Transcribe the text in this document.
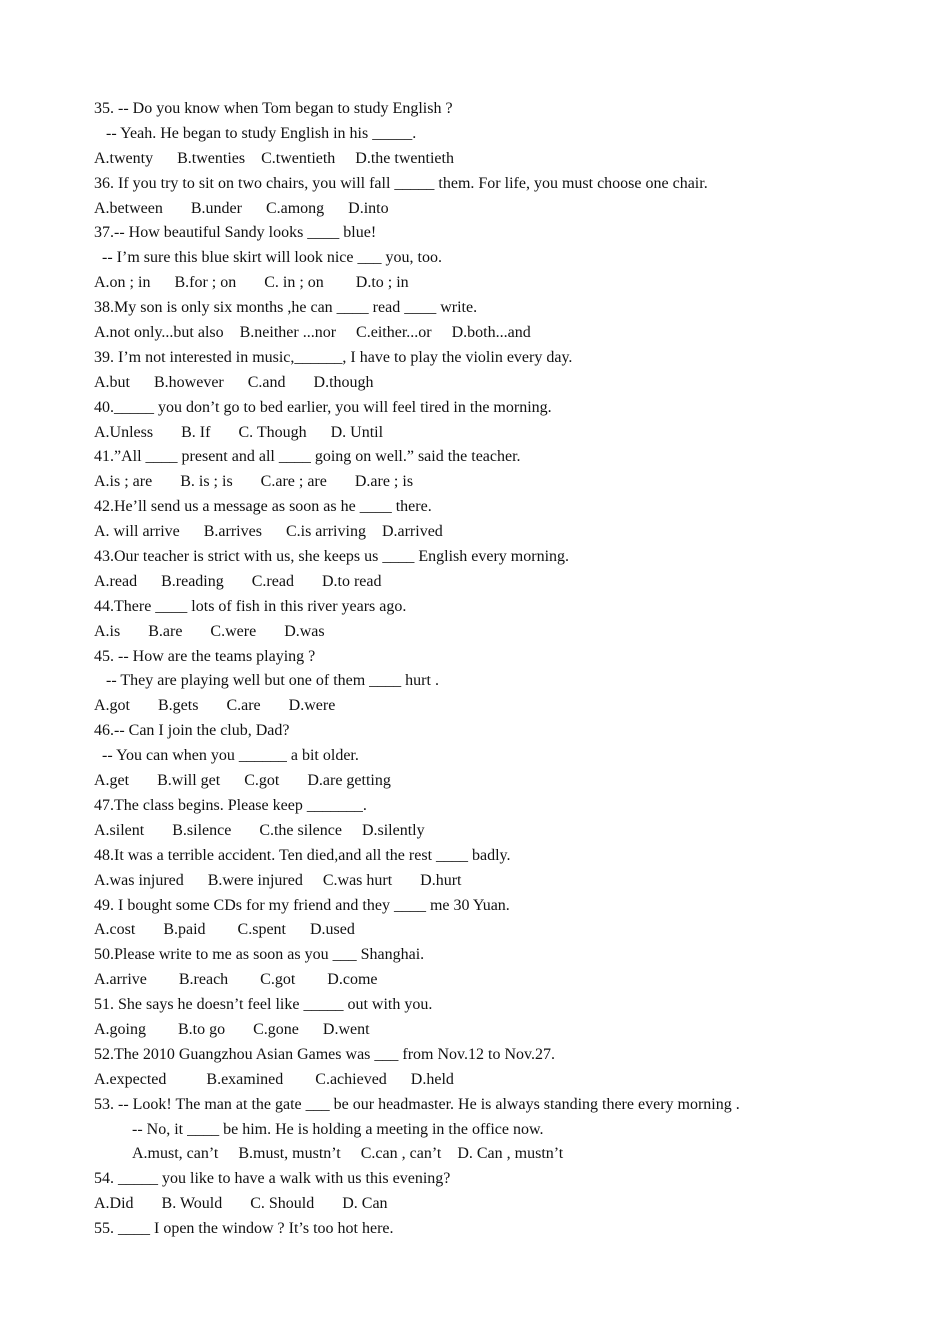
35. -- Do you know when Tom began to study English ?
-- Yeah. He began to study English in his _____.
A.twenty      B.twenties    C.twentieth     D.the twentieth
36. If you try to sit on two chairs, you will fall _____ them. For life, you must choose one chair.
A.between       B.under      C.among      D.into
37.-- How beautiful Sandy looks ____ blue!
-- I’m sure this blue skirt will look nice ___ you, too.
A.on ; in      B.for ; on       C. in ; on        D.to ; in
38.My son is only six months ,he can ____ read ____ write.
A.not only...but also    B.neither ...nor     C.either...or     D.both...and
39. I’m not interested in music,______, I have to play the violin every day.
A.but      B.however      C.and       D.though
40._____ you don’t go to bed earlier, you will feel tired in the morning.
A.Unless       B. If       C. Though      D. Until
41.”All ____ present and all ____ going on well.” said the teacher.
A.is ; are       B. is ; is       C.are ; are       D.are ; is
42.He’ll send us a message as soon as he ____ there.
A. will arrive      B.arrives      C.is arriving    D.arrived
43.Our teacher is strict with us, she keeps us ____ English every morning.
A.read      B.reading       C.read       D.to read
44.There ____ lots of fish in this river years ago.
A.is       B.are       C.were       D.was
45. -- How are the teams playing ?
-- They are playing well but one of them ____ hurt .
A.got       B.gets       C.are       D.were
46.-- Can I join the club, Dad?
-- You can when you ______ a bit older.
A.get       B.will get      C.got       D.are getting
47.The class begins. Please keep _______.
A.silent       B.silence       C.the silence     D.silently
48.It was a terrible accident. Ten died,and all the rest ____ badly.
A.was injured      B.were injured     C.was hurt       D.hurt
49. I bought some CDs for my friend and they ____ me 30 Yuan.
A.cost       B.paid        C.spent      D.used
50.Please write to me as soon as you ___ Shanghai.
A.arrive        B.reach        C.got        D.come
51. She says he doesn’t feel like _____ out with you.
A.going        B.to go       C.gone      D.went
52.The 2010 Guangzhou Asian Games was ___ from Nov.12 to Nov.27.
A.expected          B.examined        C.achieved      D.held
53. -- Look! The man at the gate ___ be our headmaster. He is always standing there every morning .
-- No, it ____ be him. He is holding a meeting in the office now.
A.must, can’t     B.must, mustn’t     C.can , can’t    D. Can , mustn’t
54. _____ you like to have a walk with us this evening?
A.Did       B. Would       C. Should       D. Can
55. ____ I open the window ? It’s too hot here.
